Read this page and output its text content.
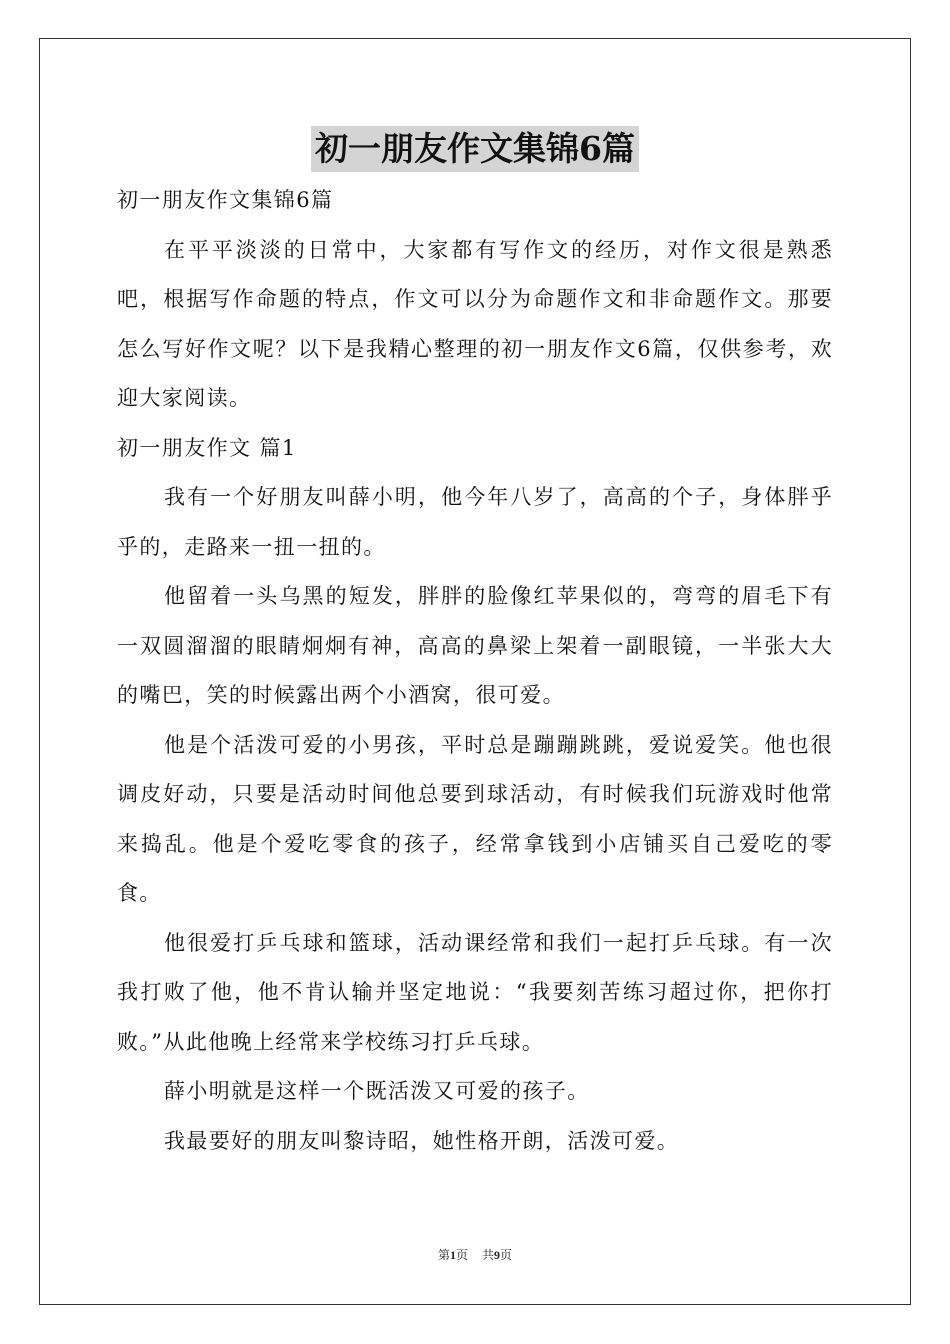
初一朋友作文集锦6篇

初一朋友作文集锦6篇

在平平淡淡的日常中，大家都有写作文的经历，对作文很是熟悉吧，根据写作命题的特点，作文可以分为命题作文和非命题作文。那要怎么写好作文呢？以下是我精心整理的初一朋友作文6篇，仅供参考，欢迎大家阅读。

初一朋友作文 篇1

我有一个好朋友叫薛小明，他今年八岁了，高高的个子，身体胖乎乎的，走路来一扭一扭的。

他留着一头乌黑的短发，胖胖的脸像红苹果似的，弯弯的眉毛下有一双圆溜溜的眼睛炯炯有神，高高的鼻梁上架着一副眼镜，一半张大大的嘴巴，笑的时候露出两个小酒窝，很可爱。

他是个活泼可爱的小男孩，平时总是蹦蹦跳跳，爱说爱笑。他也很调皮好动，只要是活动时间他总要到球活动，有时候我们玩游戏时他常来捣乱。他是个爱吃零食的孩子，经常拿钱到小店铺买自己爱吃的零食。

他很爱打乒乓球和篮球，活动课经常和我们一起打乒乓球。有一次我打败了他，他不肯认输并坚定地说：“我要刻苦练习超过你，把你打败。”从此他晚上经常来学校练习打乒乓球。

薛小明就是这样一个既活泼又可爱的孩子。

我最要好的朋友叫黎诗昭，她性格开朗，活泼可爱。

第1页 共9页
